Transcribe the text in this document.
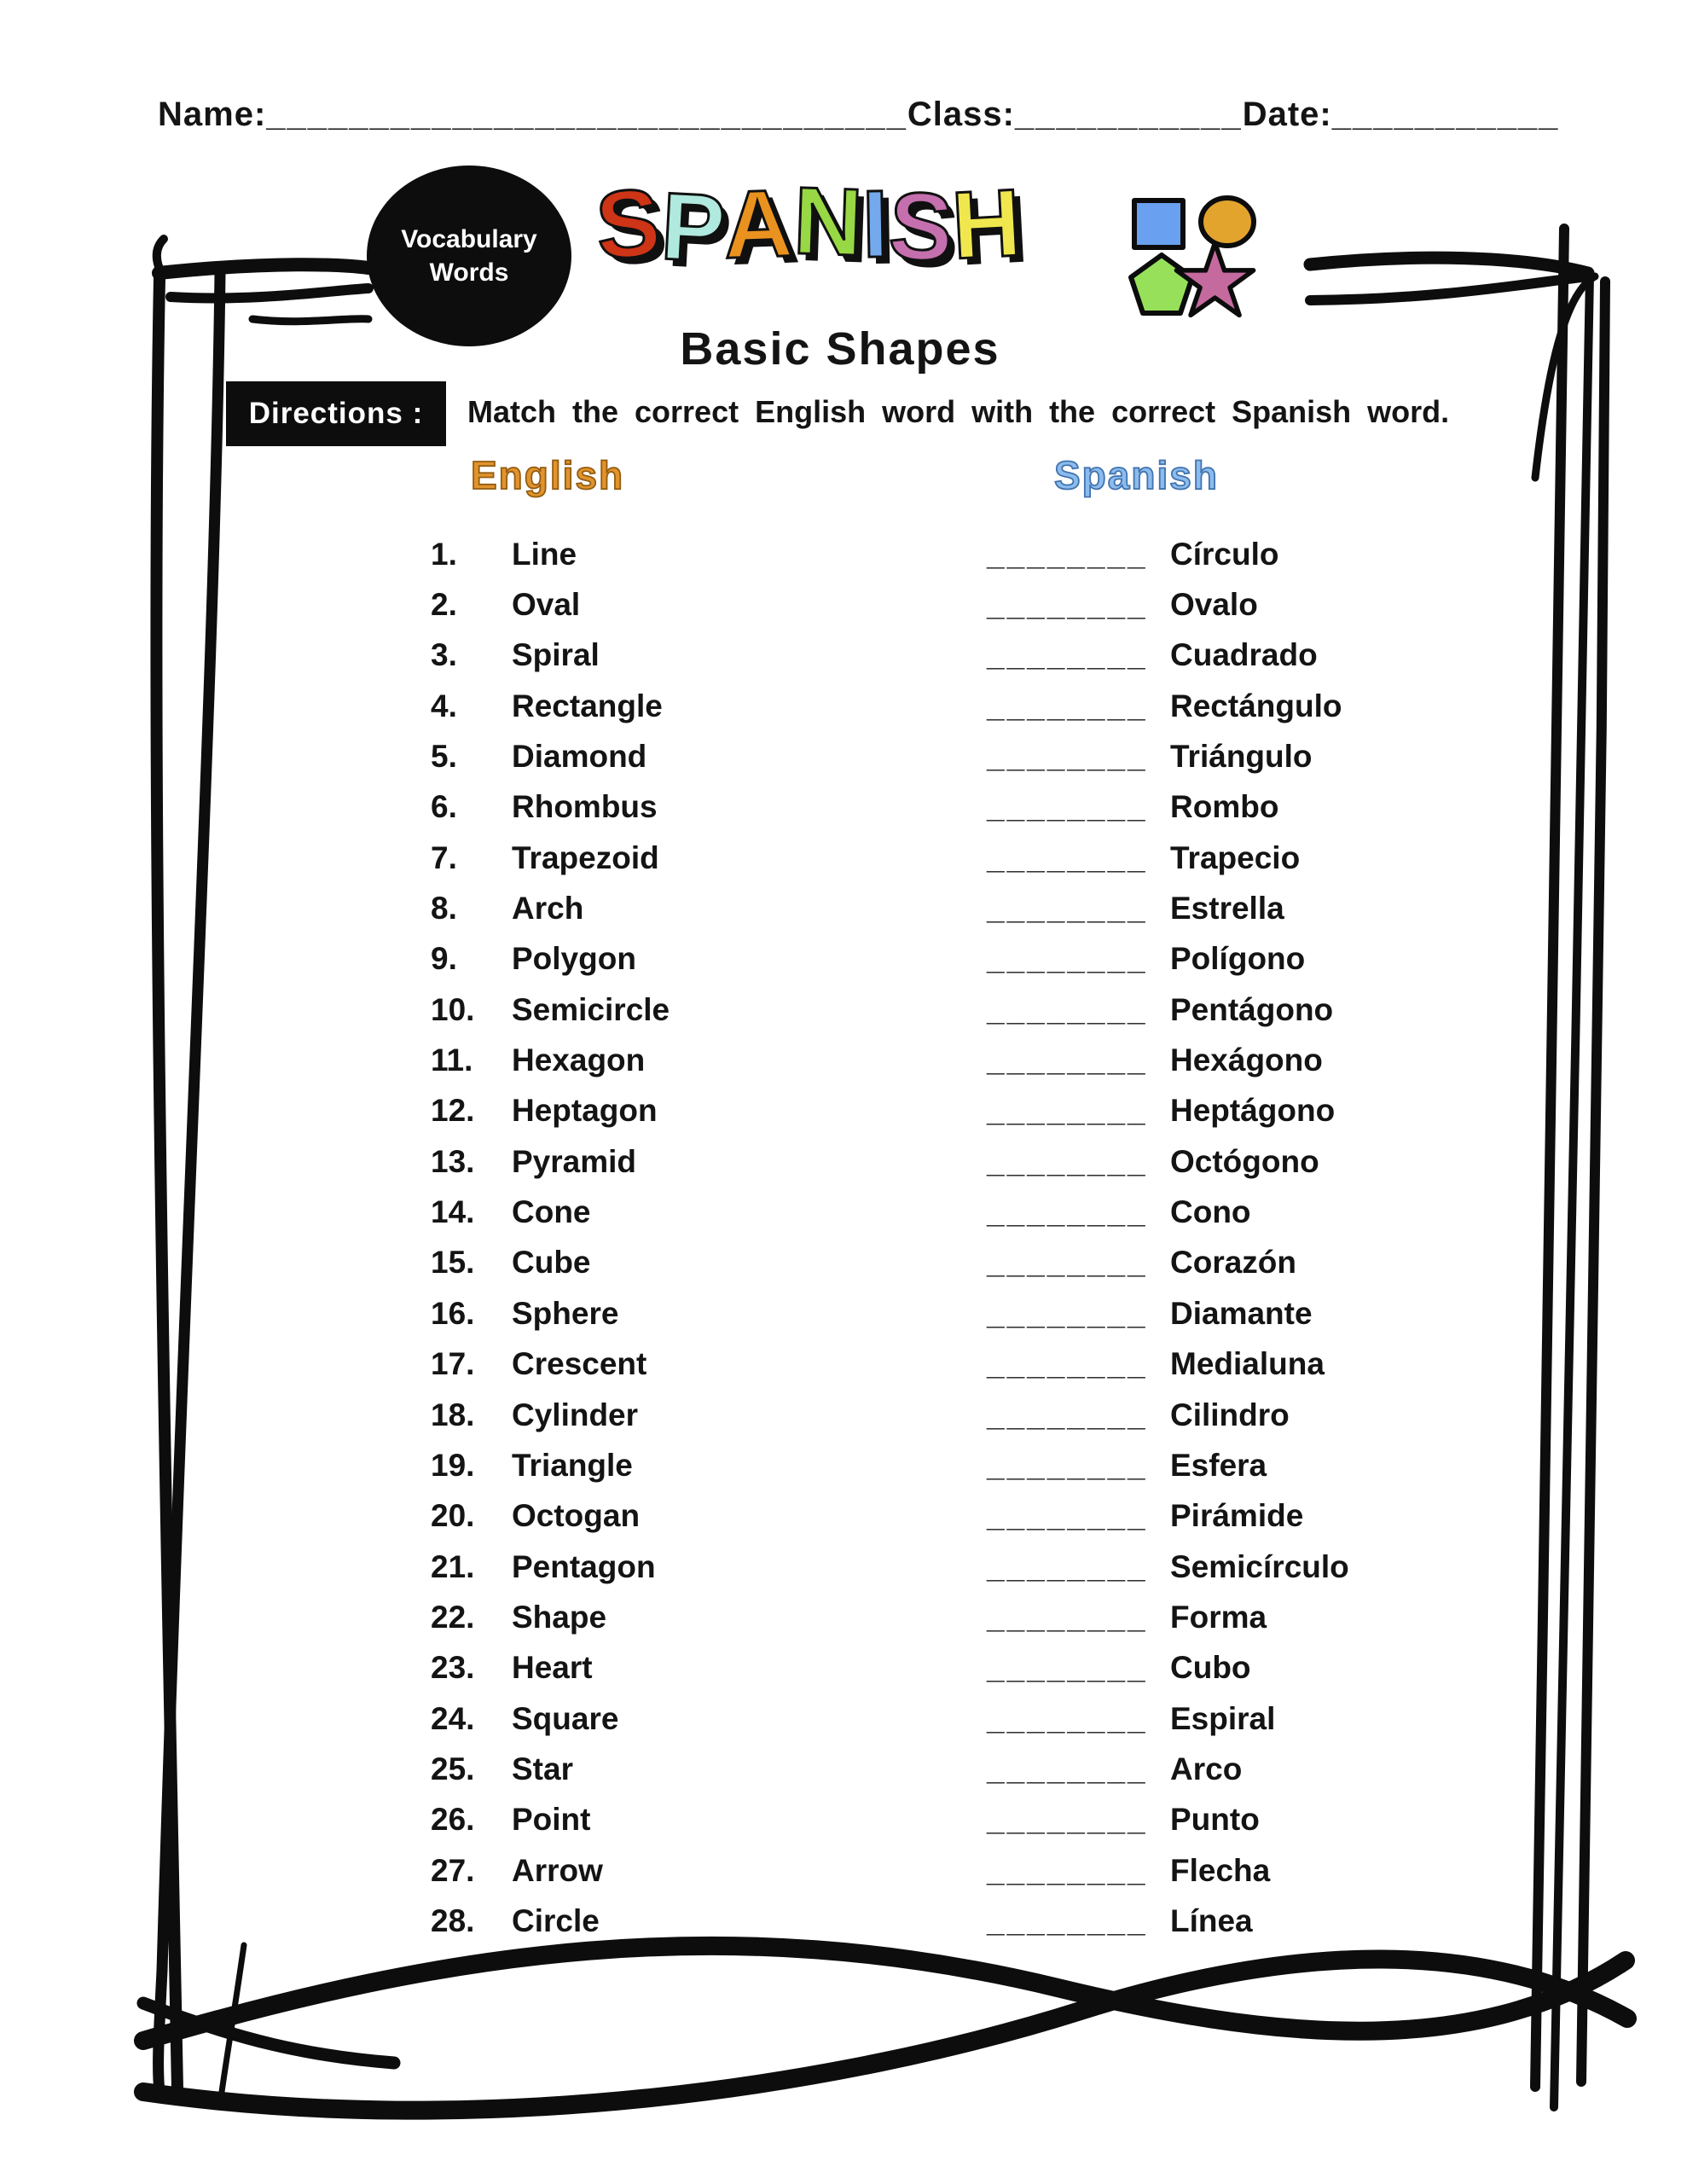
Name:_______________________________Class:___________Date:___________
Vocabulary
Words S
P
A
N
I
S
H
Basic Shapes
Directions : Match the correct English word with the correct Spanish word.
English	Spanish
1.	Line	________ Círculo
2.	Oval	________ Ovalo
3.	Spiral	________ Cuadrado
4.	Rectangle	________ Rectángulo
5.	Diamond	________ Triángulo
6.	Rhombus	________ Rombo
7.	Trapezoid	________ Trapecio
8.	Arch	________ Estrella
9.	Polygon	________ Polígono
10.	Semicircle	________ Pentágono
11.	Hexagon	________ Hexágono
12.	Heptagon	________ Heptágono
13.	Pyramid	________ Octógono
14.	Cone	________ Cono
15.	Cube	________ Corazón
16.	Sphere	________ Diamante
17.	Crescent	________ Medialuna
18.	Cylinder	________ Cilindro
19.	Triangle	________ Esfera
20.	Octogan	________ Pirámide
21.	Pentagon	________ Semicírculo
22.	Shape	________ Forma
23.	Heart	________ Cubo
24.	Square	________ Espiral
25.	Star	________ Arco
26.	Point	________ Punto
27.	Arrow	________ Flecha
28.	Circle	________ Línea
